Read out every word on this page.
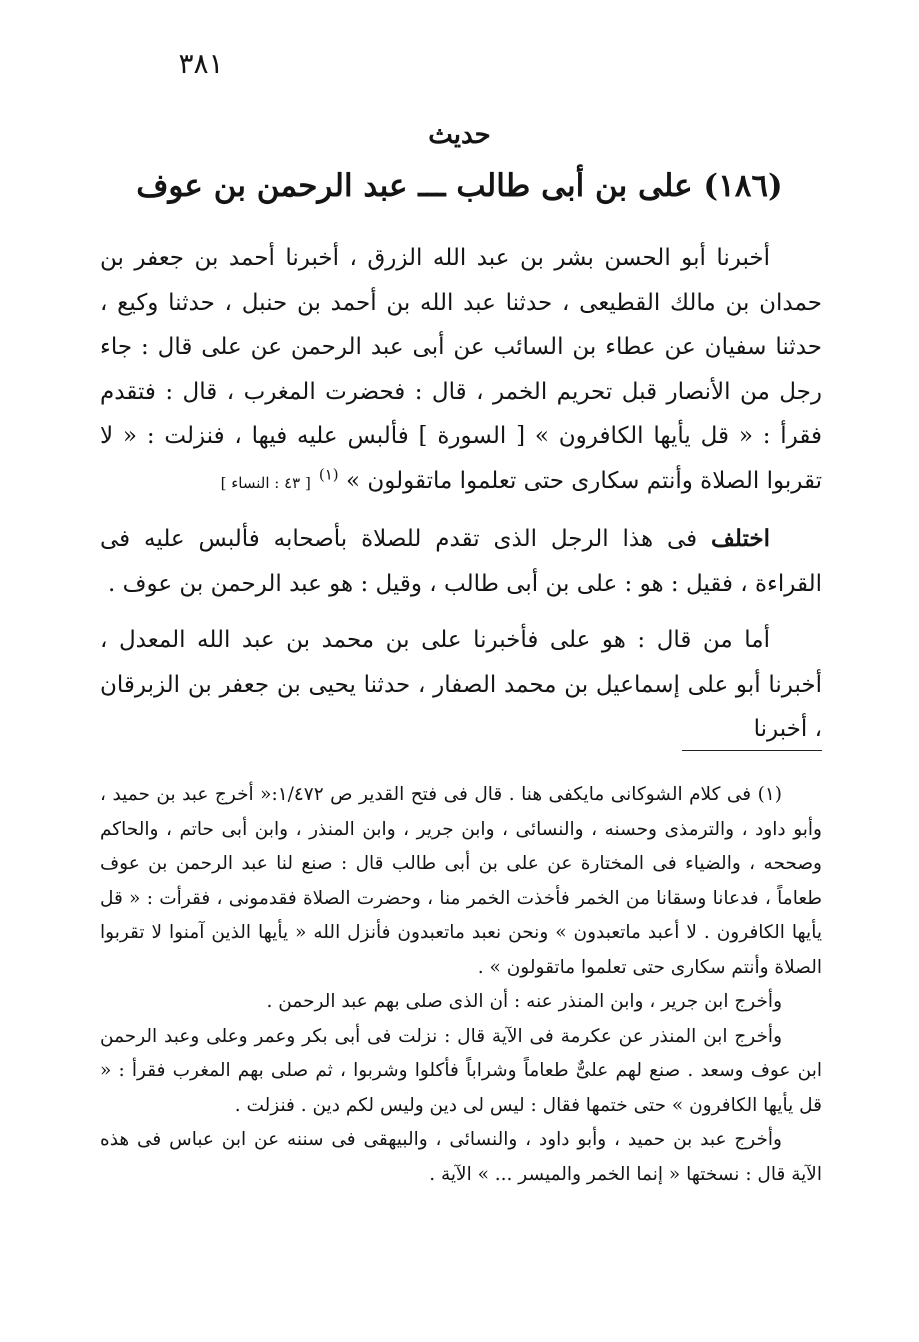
٣٨١
حديث
(١٨٦) على بن أبى طالب ـــ عبد الرحمن بن عوف

أخبرنا أبو الحسن بشر بن عبد الله الزرق ، أخبرنا أحمد بن جعفر بن حمدان بن مالك القطيعى ، حدثنا عبد الله بن أحمد بن حنبل ، حدثنا وكيع ، حدثنا سفيان عن عطاء بن السائب عن أبى عبد الرحمن عن على قال : جاء رجل من الأنصار قبل تحريم الخمر ، قال : فحضرت المغرب ، قال : فتقدم فقرأ : « قل يأيها الكافرون » [ السورة ] فألبس عليه فيها ، فنزلت : « لا تقربوا الصلاة وأنتم سكارى حتى تعلموا ماتقولون » $^{(١)}$[ ٤٣ : النساء ]

اختلف فى هذا الرجل الذى تقدم للصلاة بأصحابه فألبس عليه فى القراءة ، فقيل : هو : على بن أبى طالب ، وقيل : هو عبد الرحمن بن عوف .

أما من قال : هو على فأخبرنا على بن محمد بن عبد الله المعدل ، أخبرنا أبو على إسماعيل بن محمد الصفار ، حدثنا يحيى بن جعفر بن الزبرقان ، أخبرنا

(١) فى كلام الشوكانى مايكفى هنا . قال فى فتح القدير ص ١/٤٧٢:« أخرج عبد بن حميد ، وأبو داود ، والترمذى وحسنه ، والنسائى ، وابن جرير ، وابن المنذر ، وابن أبى حاتم ، والحاكم وصححه ، والضياء فى المختارة عن على بن أبى طالب قال : صنع لنا عبد الرحمن بن عوف طعاماً ، فدعانا وسقانا من الخمر فأخذت الخمر منا ، وحضرت الصلاة فقدمونى ، فقرأت : « قل يأيها الكافرون . لا أعبد ماتعبدون » ونحن نعبد ماتعبدون فأنزل الله « يأيها الذين آمنوا لا تقربوا الصلاة وأنتم سكارى حتى تعلموا ماتقولون » .

وأخرج ابن جرير ، وابن المنذر عنه : أن الذى صلى بهم عبد الرحمن .

وأخرج ابن المنذر عن عكرمة فى الآية قال : نزلت فى أبى بكر وعمر وعلى وعبد الرحمن ابن عوف وسعد . صنع لهم علىٌّ طعاماً وشراباً فأكلوا وشربوا ، ثم صلى بهم المغرب فقرأ : « قل يأيها الكافرون » حتى ختمها فقال : ليس لى دين وليس لكم دين . فنزلت .

وأخرج عبد بن حميد ، وأبو داود ، والنسائى ، والبيهقى فى سننه عن ابن عباس فى هذه الآية قال : نسختها « إنما الخمر والميسر ... » الآية .
